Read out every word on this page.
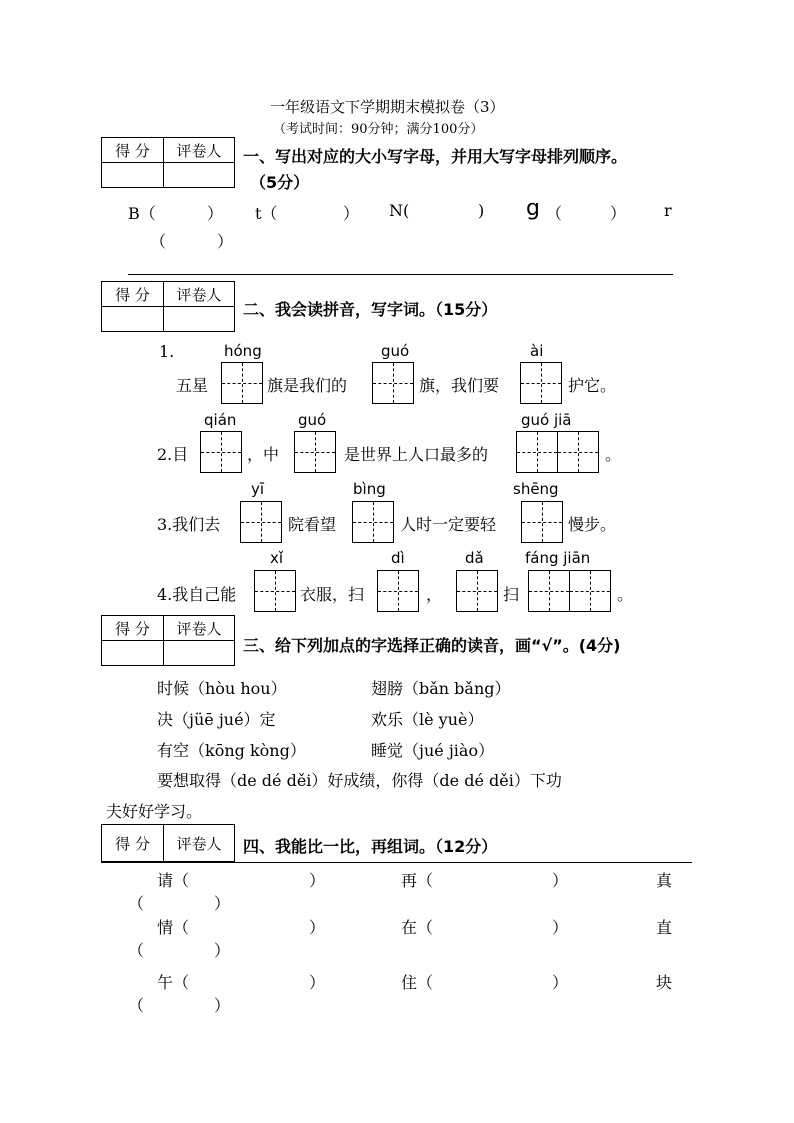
一年级语文下学期期末模拟卷（3）
（考试时间：90分钟；满分100分）
得 分	评卷人
	一、写出对应的大小写字母，并用大写字母排列顺序。
（5分）
B（	） t（	） N(	) g （	） r
（	）
得 分	评卷人

二、我会读拼音，写字词。（15分）
1.	hóng	guó	ài
五星	旗是我们的	旗，我们要	护它。
qián	guó	guó jiā
2.目	，中	是世界上人口最多的	。
yī	bìng	shēng
3.我们去	院看望	人时一定要轻	慢步。
xǐ	dì	dǎ	fáng jiān
4.我自己能	衣服，扫	，	扫	。
得 分	评卷人

三、给下列加点的字选择正确的读音，画“√”。(4分)
时候（hòu hou）	翅膀（bǎn bǎng）
决（jüē jué）定	欢乐（lè yuè）
有空（kōng kòng）	睡觉（jué jiào）
要想取得（de dé děi）好成绩，你得（de dé děi）下功
夫好好学习。
得 分	评卷人 四、我能比一比，再组词。（12分）
请（	）	再（	）	真
（	）
情（	）	在（	）	直
（	）
午（	）	住（	）	块
（	）
